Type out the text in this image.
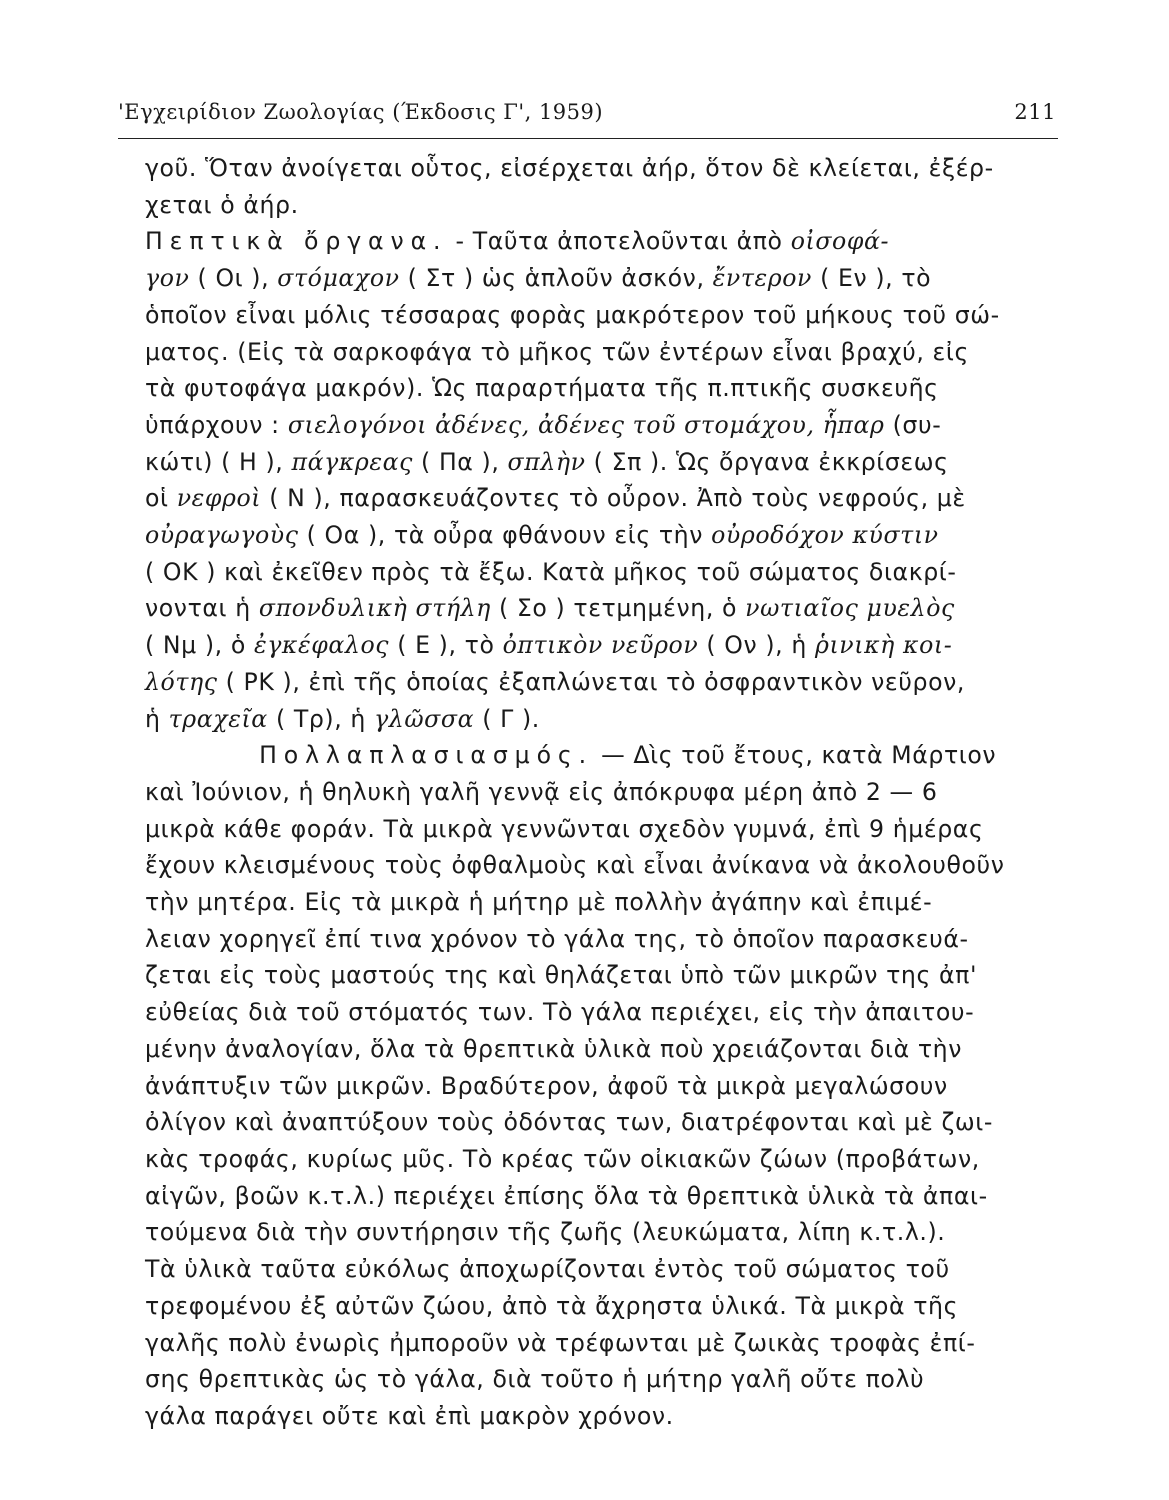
'Εγχειρίδιον Ζωολογίας (Έκδοσις Γ', 1959)	211
γοῦ. Ὅταν ἀνοίγεται οὗτος, εἰσέρχεται ἀήρ, ὅτον δὲ κλείεται, ἐξέρ-
χεται ὁ ἀήρ.
Πεπτικὰ ὄργανα. - Ταῦτα ἀποτελοῦνται ἀπὸ οἰσοφά-
γον ( Οι ), στόμαχον ( Στ ) ὡς ἁπλοῦν ἀσκόν, ἔντερον ( Εν ), τὸ
ὁποῖον εἶναι μόλις τέσσαρας φορὰς μακρότερον τοῦ μήκους τοῦ σώ-
ματος. (Εἰς τὰ σαρκοφάγα τὸ μῆκος τῶν ἐντέρων εἶναι βραχύ, εἰς
τὰ φυτοφάγα μακρόν). Ὡς παραρτήματα τῆς π.πτικῆς συσκευῆς
ὑπάρχουν : σιελογόνοι ἀδένες, ἀδένες τοῦ στομάχου, ἧπαρ (συ-
κώτι) ( Η ), πάγκρεας ( Πα ), σπλὴν ( Σπ ). Ὡς ὄργανα ἐκκρίσεως
οἱ νεφροὶ ( Ν ), παρασκευάζοντες τὸ οὖρον. Ἀπὸ τοὺς νεφρούς, μὲ
οὐραγωγοὺς ( Οα ), τὰ οὖρα φθάνουν εἰς τὴν οὐροδόχον κύστιν
( ΟΚ ) καὶ ἐκεῖθεν πρὸς τὰ ἔξω. Κατὰ μῆκος τοῦ σώματος διακρί-
νονται ἡ σπονδυλικὴ στήλη ( Σο ) τετμημένη, ὁ νωτιαῖος μυελὸς
( Νμ ), ὁ ἐγκέφαλος ( Ε ), τὸ ὀπτικὸν νεῦρον ( Ον ), ἡ ῥινικὴ κοι-
λότης ( ΡΚ ), ἐπὶ τῆς ὁποίας ἐξαπλώνεται τὸ ὀσφραντικὸν νεῦρον,
ἡ τραχεῖα ( Τρ), ἡ γλῶσσα ( Γ ).
Πολλαπλασιασμός. — Δὶς τοῦ ἔτους, κατὰ Μάρτιον
καὶ Ἰούνιον, ἡ θηλυκὴ γαλῆ γεννᾷ εἰς ἀπόκρυφα μέρη ἀπὸ 2 — 6
μικρὰ κάθε φοράν. Τὰ μικρὰ γεννῶνται σχεδὸν γυμνά, ἐπὶ 9 ἡμέρας
ἔχουν κλεισμένους τοὺς ὀφθαλμοὺς καὶ εἶναι ἀνίκανα νὰ ἀκολουθοῦν
τὴν μητέρα. Εἰς τὰ μικρὰ ἡ μήτηρ μὲ πολλὴν ἀγάπην καὶ ἐπιμέ-
λειαν χορηγεῖ ἐπί τινα χρόνον τὸ γάλα της, τὸ ὁποῖον παρασκευά-
ζεται εἰς τοὺς μαστούς της καὶ θηλάζεται ὑπὸ τῶν μικρῶν της ἀπ'
εὐθείας διὰ τοῦ στόματός των. Τὸ γάλα περιέχει, εἰς τὴν ἀπαιτου-
μένην ἀναλογίαν, ὅλα τὰ θρεπτικὰ ὑλικὰ ποὺ χρειάζονται διὰ τὴν
ἀνάπτυξιν τῶν μικρῶν. Βραδύτερον, ἀφοῦ τὰ μικρὰ μεγαλώσουν
ὀλίγον καὶ ἀναπτύξουν τοὺς ὀδόντας των, διατρέφονται καὶ μὲ ζωι-
κὰς τροφάς, κυρίως μῦς. Τὸ κρέας τῶν οἰκιακῶν ζώων (προβάτων,
αἰγῶν, βοῶν κ.τ.λ.) περιέχει ἐπίσης ὅλα τὰ θρεπτικὰ ὑλικὰ τὰ ἀπαι-
τούμενα διὰ τὴν συντήρησιν τῆς ζωῆς (λευκώματα, λίπη κ.τ.λ.).
Τὰ ὑλικὰ ταῦτα εὐκόλως ἀποχωρίζονται ἐντὸς τοῦ σώματος τοῦ
τρεφομένου ἐξ αὐτῶν ζώου, ἀπὸ τὰ ἄχρηστα ὑλικά. Τὰ μικρὰ τῆς
γαλῆς πολὺ ἐνωρὶς ἠμποροῦν νὰ τρέφωνται μὲ ζωικὰς τροφὰς ἐπί-
σης θρεπτικὰς ὡς τὸ γάλα, διὰ τοῦτο ἡ μήτηρ γαλῆ οὔτε πολὺ
γάλα παράγει οὔτε καὶ ἐπὶ μακρὸν χρόνον.
